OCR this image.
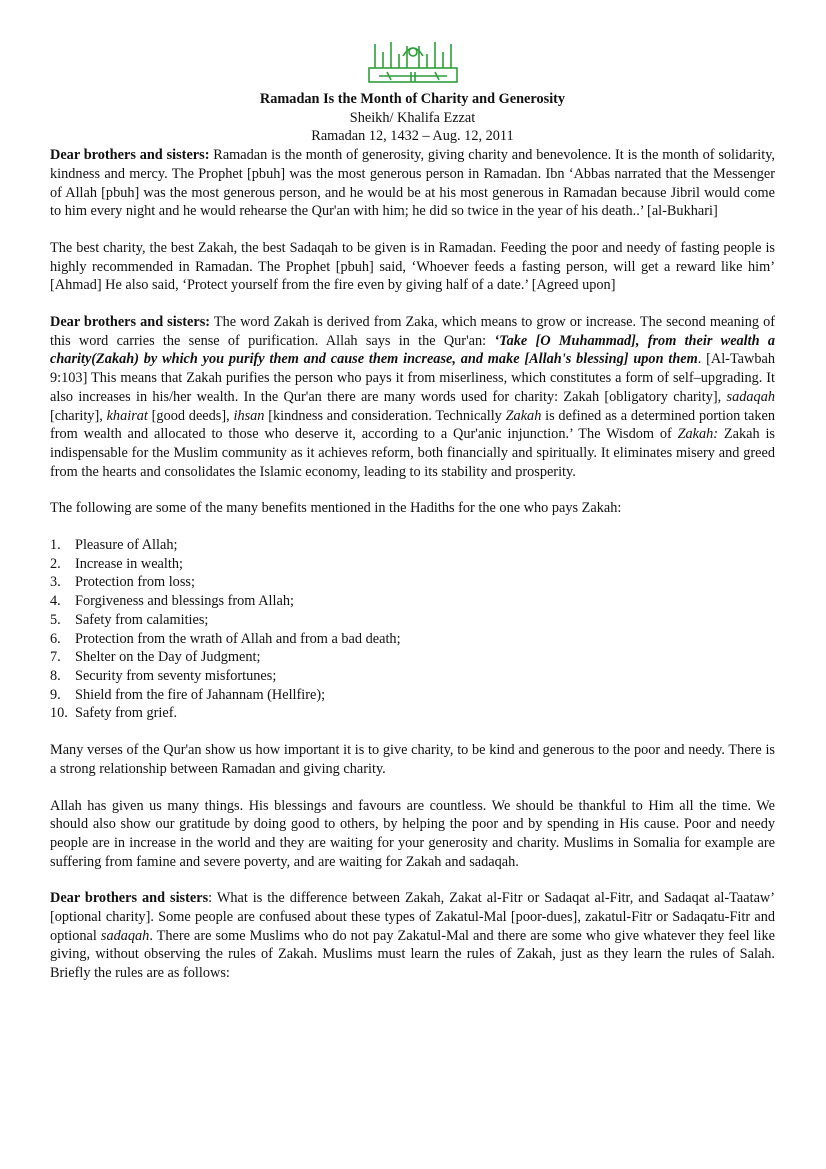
Ramadan Is the Month of Charity and Generosity

Sheikh/ Khalifa Ezzat

Ramadan 12, 1432 – Aug. 12, 2011

Dear brothers and sisters: Ramadan is the month of generosity, giving charity and benevolence. It is the month of solidarity, kindness and mercy. The Prophet [pbuh] was the most generous person in Ramadan. Ibn ‘Abbas narrated that the Messenger of Allah [pbuh] was the most generous person, and he would be at his most generous in Ramadan because Jibril would come to him every night and he would rehearse the Qur'an with him; he did so twice in the year of his death..’ [al-Bukhari]

The best charity, the best Zakah, the best Sadaqah to be given is in Ramadan. Feeding the poor and needy of fasting people is highly recommended in Ramadan. The Prophet [pbuh] said, ‘Whoever feeds a fasting person, will get a reward like him’ [Ahmad] He also said, ‘Protect yourself from the fire even by giving half of a date.’ [Agreed upon]

Dear brothers and sisters: The word Zakah is derived from Zaka, which means to grow or increase. The second meaning of this word carries the sense of purification. Allah says in the Qur'an: ‘Take [O Muhammad], from their wealth a charity(Zakah) by which you purify them and cause them increase, and make [Allah's blessing] upon them. [Al-Tawbah 9:103] This means that Zakah purifies the person who pays it from miserliness, which constitutes a form of self–upgrading. It also increases in his/her wealth. In the Qur'an there are many words used for charity: Zakah [obligatory charity], sadaqah [charity], khairat [good deeds], ihsan [kindness and consideration. Technically Zakah is defined as a determined portion taken from wealth and allocated to those who deserve it, according to a Qur'anic injunction.’ The Wisdom of Zakah: Zakah is indispensable for the Muslim community as it achieves reform, both financially and spiritually. It eliminates misery and greed from the hearts and consolidates the Islamic economy, leading to its stability and prosperity.

The following are some of the many benefits mentioned in the Hadiths for the one who pays Zakah:

1. Pleasure of Allah;
2. Increase in wealth;
3. Protection from loss;
4. Forgiveness and blessings from Allah;
5. Safety from calamities;
6. Protection from the wrath of Allah and from a bad death;
7. Shelter on the Day of Judgment;
8. Security from seventy misfortunes;
9. Shield from the fire of Jahannam (Hellfire);
10. Safety from grief.

Many verses of the Qur'an show us how important it is to give charity, to be kind and generous to the poor and needy. There is a strong relationship between Ramadan and giving charity.

Allah has given us many things. His blessings and favours are countless. We should be thankful to Him all the time. We should also show our gratitude by doing good to others, by helping the poor and by spending in His cause. Poor and needy people are in increase in the world and they are waiting for your generosity and charity. Muslims in Somalia for example are suffering from famine and severe poverty, and are waiting for Zakah and sadaqah.

Dear brothers and sisters: What is the difference between Zakah, Zakat al-Fitr or Sadaqat al-Fitr, and Sadaqat al-Taataw’ [optional charity]. Some people are confused about these types of Zakatul-Mal [poor-dues], zakatul-Fitr or Sadaqatu-Fitr and optional sadaqah. There are some Muslims who do not pay Zakatul-Mal and there are some who give whatever they feel like giving, without observing the rules of Zakah. Muslims must learn the rules of Zakah, just as they learn the rules of Salah. Briefly the rules are as follows:
